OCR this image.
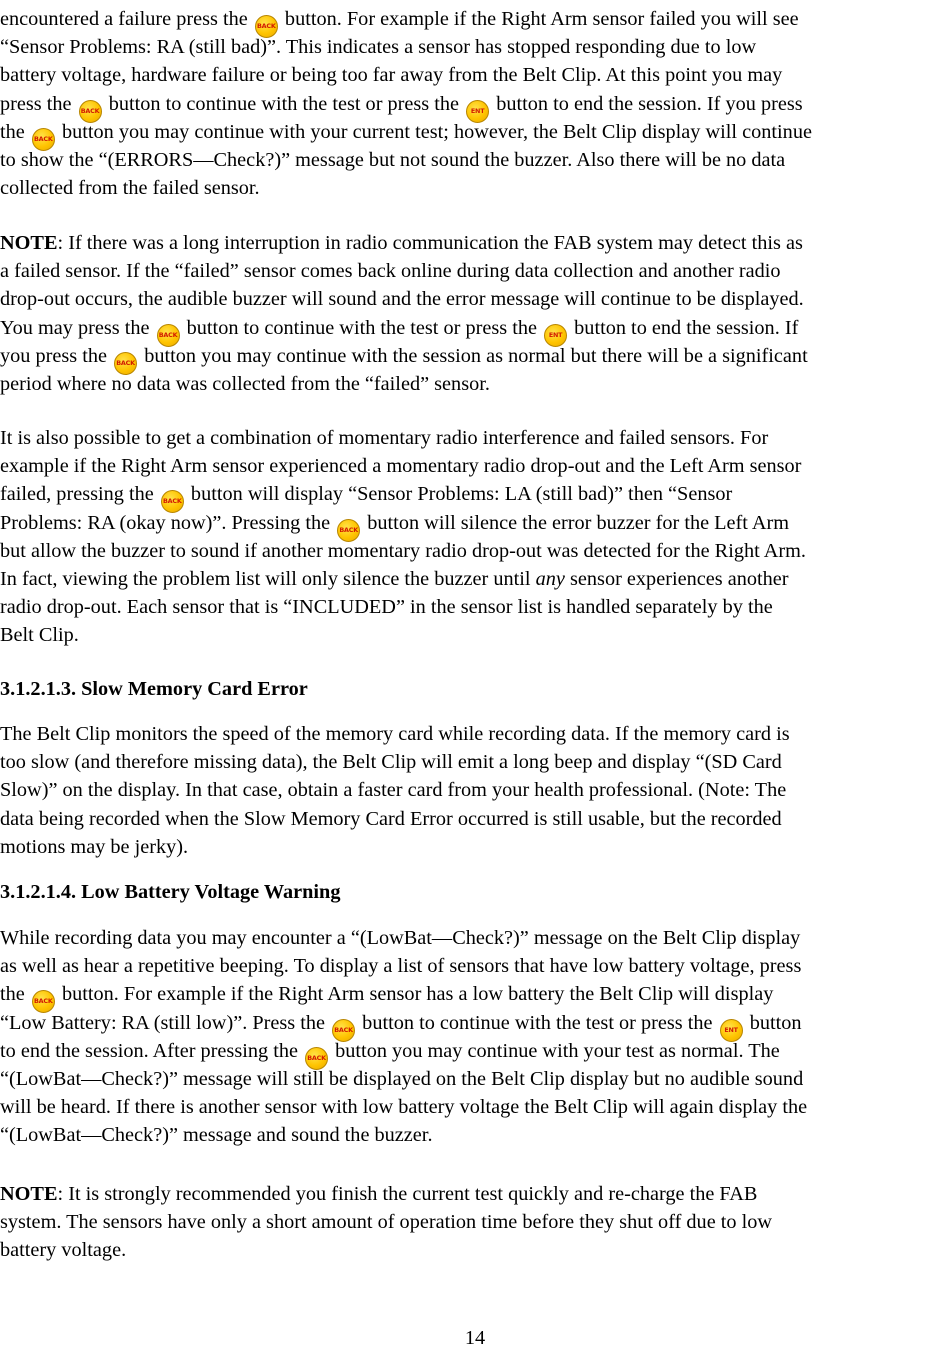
encountered a failure press the BACK button. For example if the Right Arm sensor failed you will see
“Sensor Problems: RA (still bad)”. This indicates a sensor has stopped responding due to low
battery voltage, hardware failure or being too far away from the Belt Clip. At this point you may
press the BACK button to continue with the test or press the ENT button to end the session. If you press
the BACK button you may continue with your current test; however, the Belt Clip display will continue
to show the “(ERRORS—Check?)” message but not sound the buzzer. Also there will be no data
collected from the failed sensor.
NOTE: If there was a long interruption in radio communication the FAB system may detect this as
a failed sensor. If the “failed” sensor comes back online during data collection and another radio
drop-out occurs, the audible buzzer will sound and the error message will continue to be displayed.
You may press the BACK button to continue with the test or press the ENT button to end the session. If
you press the BACK button you may continue with the session as normal but there will be a significant
period where no data was collected from the “failed” sensor.
It is also possible to get a combination of momentary radio interference and failed sensors. For
example if the Right Arm sensor experienced a momentary radio drop-out and the Left Arm sensor
failed, pressing the BACK button will display “Sensor Problems: LA (still bad)” then “Sensor
Problems: RA (okay now)”. Pressing the BACK button will silence the error buzzer for the Left Arm
but allow the buzzer to sound if another momentary radio drop-out was detected for the Right Arm.
In fact, viewing the problem list will only silence the buzzer until any sensor experiences another
radio drop-out. Each sensor that is “INCLUDED” in the sensor list is handled separately by the
Belt Clip.
3.1.2.1.3. Slow Memory Card Error
The Belt Clip monitors the speed of the memory card while recording data. If the memory card is
too slow (and therefore missing data), the Belt Clip will emit a long beep and display “(SD Card
Slow)” on the display. In that case, obtain a faster card from your health professional. (Note: The
data being recorded when the Slow Memory Card Error occurred is still usable, but the recorded
motions may be jerky).
3.1.2.1.4. Low Battery Voltage Warning
While recording data you may encounter a “(LowBat—Check?)” message on the Belt Clip display
as well as hear a repetitive beeping. To display a list of sensors that have low battery voltage, press
the BACK button. For example if the Right Arm sensor has a low battery the Belt Clip will display
“Low Battery: RA (still low)”. Press the BACK button to continue with the test or press the ENT button
to end the session. After pressing the BACK button you may continue with your test as normal. The
“(LowBat—Check?)” message will still be displayed on the Belt Clip display but no audible sound
will be heard. If there is another sensor with low battery voltage the Belt Clip will again display the
“(LowBat—Check?)” message and sound the buzzer.
NOTE: It is strongly recommended you finish the current test quickly and re-charge the FAB
system. The sensors have only a short amount of operation time before they shut off due to low
battery voltage.
14
